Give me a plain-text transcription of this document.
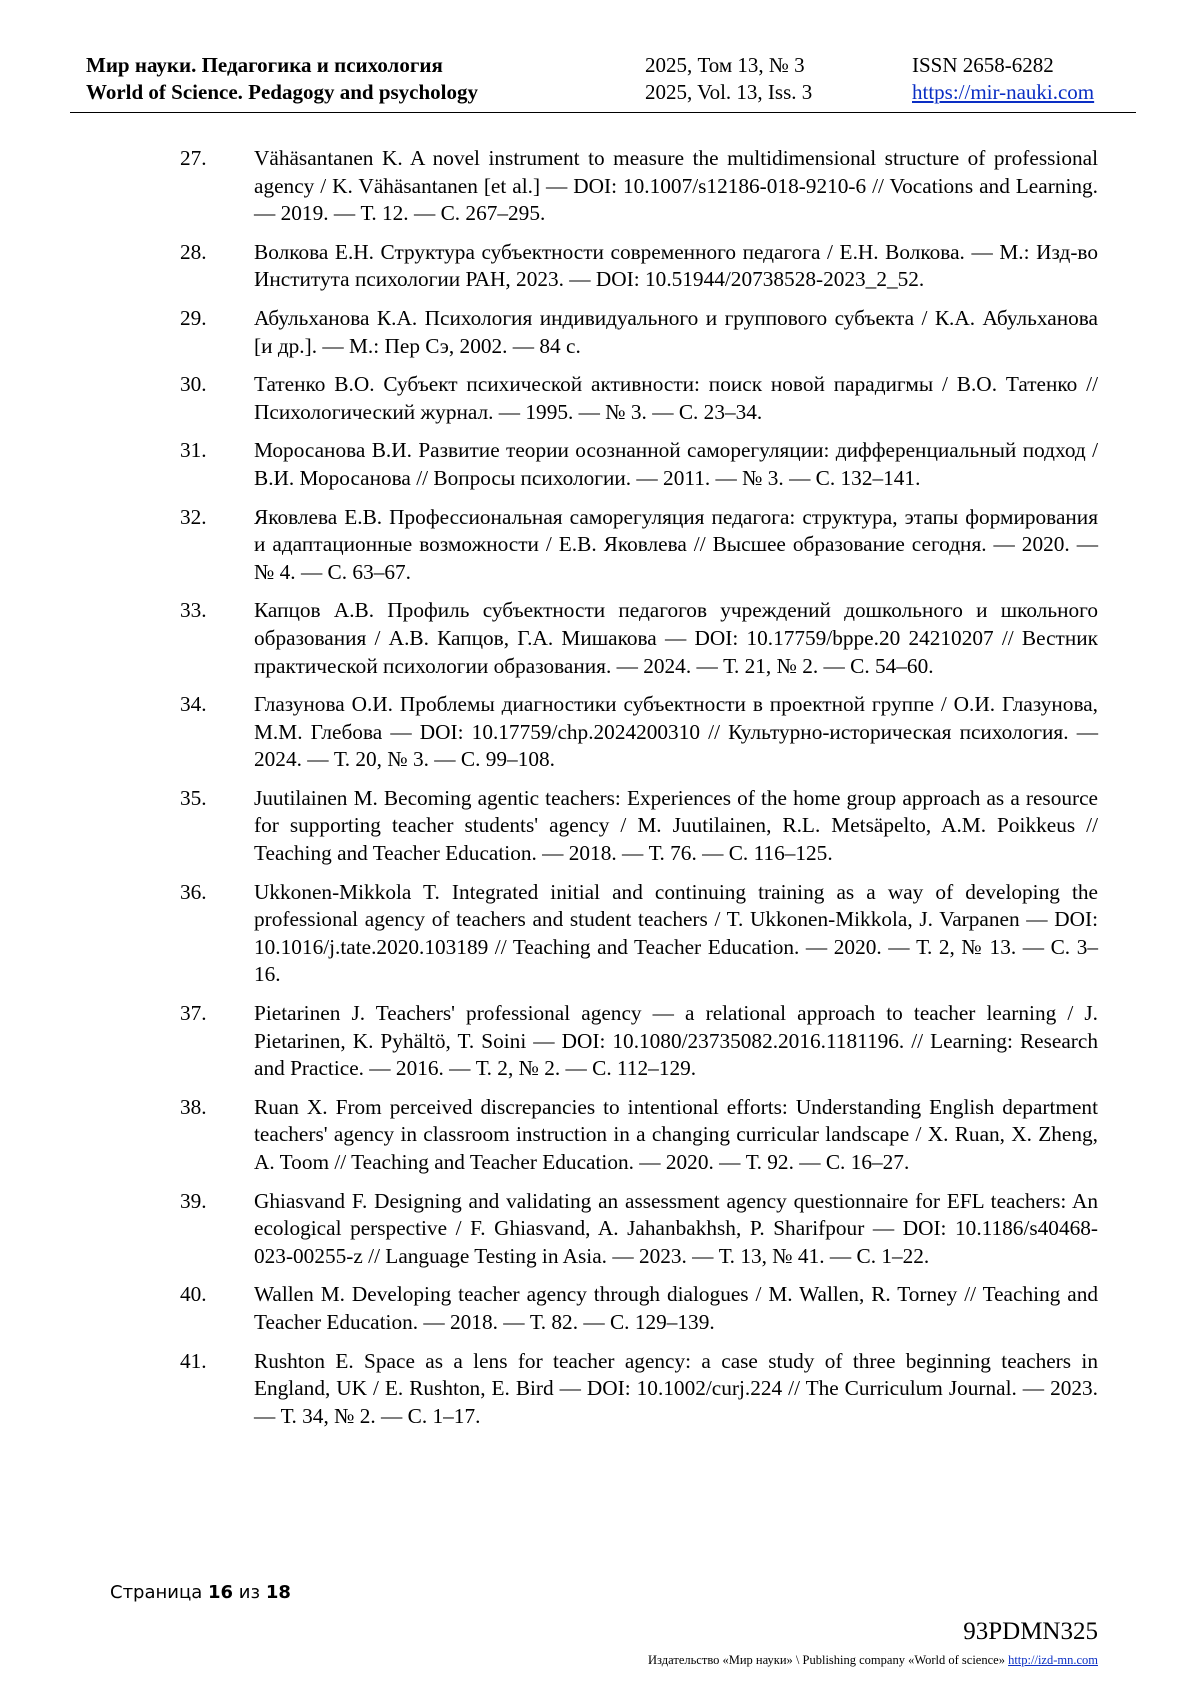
Мир науки. Педагогика и психология
World of Science. Pedagogy and psychology
2025, Том 13, № 3
2025, Vol. 13, Iss. 3
ISSN 2658-6282
https://mir-nauki.com
27. Vähäsantanen K. A novel instrument to measure the multidimensional structure of professional agency / K. Vähäsantanen [et al.] — DOI: 10.1007/s12186-018-9210-6 // Vocations and Learning. — 2019. — Т. 12. — С. 267–295.
28. Волкова Е.Н. Структура субъектности современного педагога / Е.Н. Волкова. — М.: Изд-во Института психологии РАН, 2023. — DOI: 10.51944/20738528-2023_2_52.
29. Абульханова К.А. Психология индивидуального и группового субъекта / К.А. Абульханова [и др.]. — М.: Пер Сэ, 2002. — 84 с.
30. Татенко В.О. Субъект психической активности: поиск новой парадигмы / В.О. Татенко // Психологический журнал. — 1995. — № 3. — С. 23–34.
31. Моросанова В.И. Развитие теории осознанной саморегуляции: дифференциальный подход / В.И. Моросанова // Вопросы психологии. — 2011. — № 3. — С. 132–141.
32. Яковлева Е.В. Профессиональная саморегуляция педагога: структура, этапы формирования и адаптационные возможности / Е.В. Яковлева // Высшее образование сегодня. — 2020. — № 4. — С. 63–67.
33. Капцов А.В. Профиль субъектности педагогов учреждений дошкольного и школьного образования / А.В. Капцов, Г.А. Мишакова — DOI: 10.17759/bppe.20 24210207 // Вестник практической психологии образования. — 2024. — Т. 21, № 2. — С. 54–60.
34. Глазунова О.И. Проблемы диагностики субъектности в проектной группе / О.И. Глазунова, М.М. Глебова — DOI: 10.17759/chp.2024200310 // Культурно-историческая психология. — 2024. — Т. 20, № 3. — С. 99–108.
35. Juutilainen M. Becoming agentic teachers: Experiences of the home group approach as a resource for supporting teacher students' agency / M. Juutilainen, R.L. Metsäpelto, A.M. Poikkeus // Teaching and Teacher Education. — 2018. — Т. 76. — С. 116–125.
36. Ukkonen-Mikkola T. Integrated initial and continuing training as a way of developing the professional agency of teachers and student teachers / T. Ukkonen-Mikkola, J. Varpanen — DOI: 10.1016/j.tate.2020.103189 // Teaching and Teacher Education. — 2020. — Т. 2, № 13. — С. 3–16.
37. Pietarinen J. Teachers' professional agency — a relational approach to teacher learning / J. Pietarinen, K. Pyhältö, T. Soini — DOI: 10.1080/23735082.2016.1181196. // Learning: Research and Practice. — 2016. — Т. 2, № 2. — С. 112–129.
38. Ruan X. From perceived discrepancies to intentional efforts: Understanding English department teachers' agency in classroom instruction in a changing curricular landscape / X. Ruan, X. Zheng, A. Toom // Teaching and Teacher Education. — 2020. — Т. 92. — С. 16–27.
39. Ghiasvand F. Designing and validating an assessment agency questionnaire for EFL teachers: An ecological perspective / F. Ghiasvand, A. Jahanbakhsh, P. Sharifpour — DOI: 10.1186/s40468-023-00255-z // Language Testing in Asia. — 2023. — Т. 13, № 41. — С. 1–22.
40. Wallen M. Developing teacher agency through dialogues / M. Wallen, R. Torney // Teaching and Teacher Education. — 2018. — Т. 82. — С. 129–139.
41. Rushton E. Space as a lens for teacher agency: a case study of three beginning teachers in England, UK / E. Rushton, E. Bird — DOI: 10.1002/curj.224 // The Curriculum Journal. — 2023. — Т. 34, № 2. — С. 1–17.
Страница 16 из 18
93PDMN325
Издательство «Мир науки» \ Publishing company «World of science» http://izd-mn.com
